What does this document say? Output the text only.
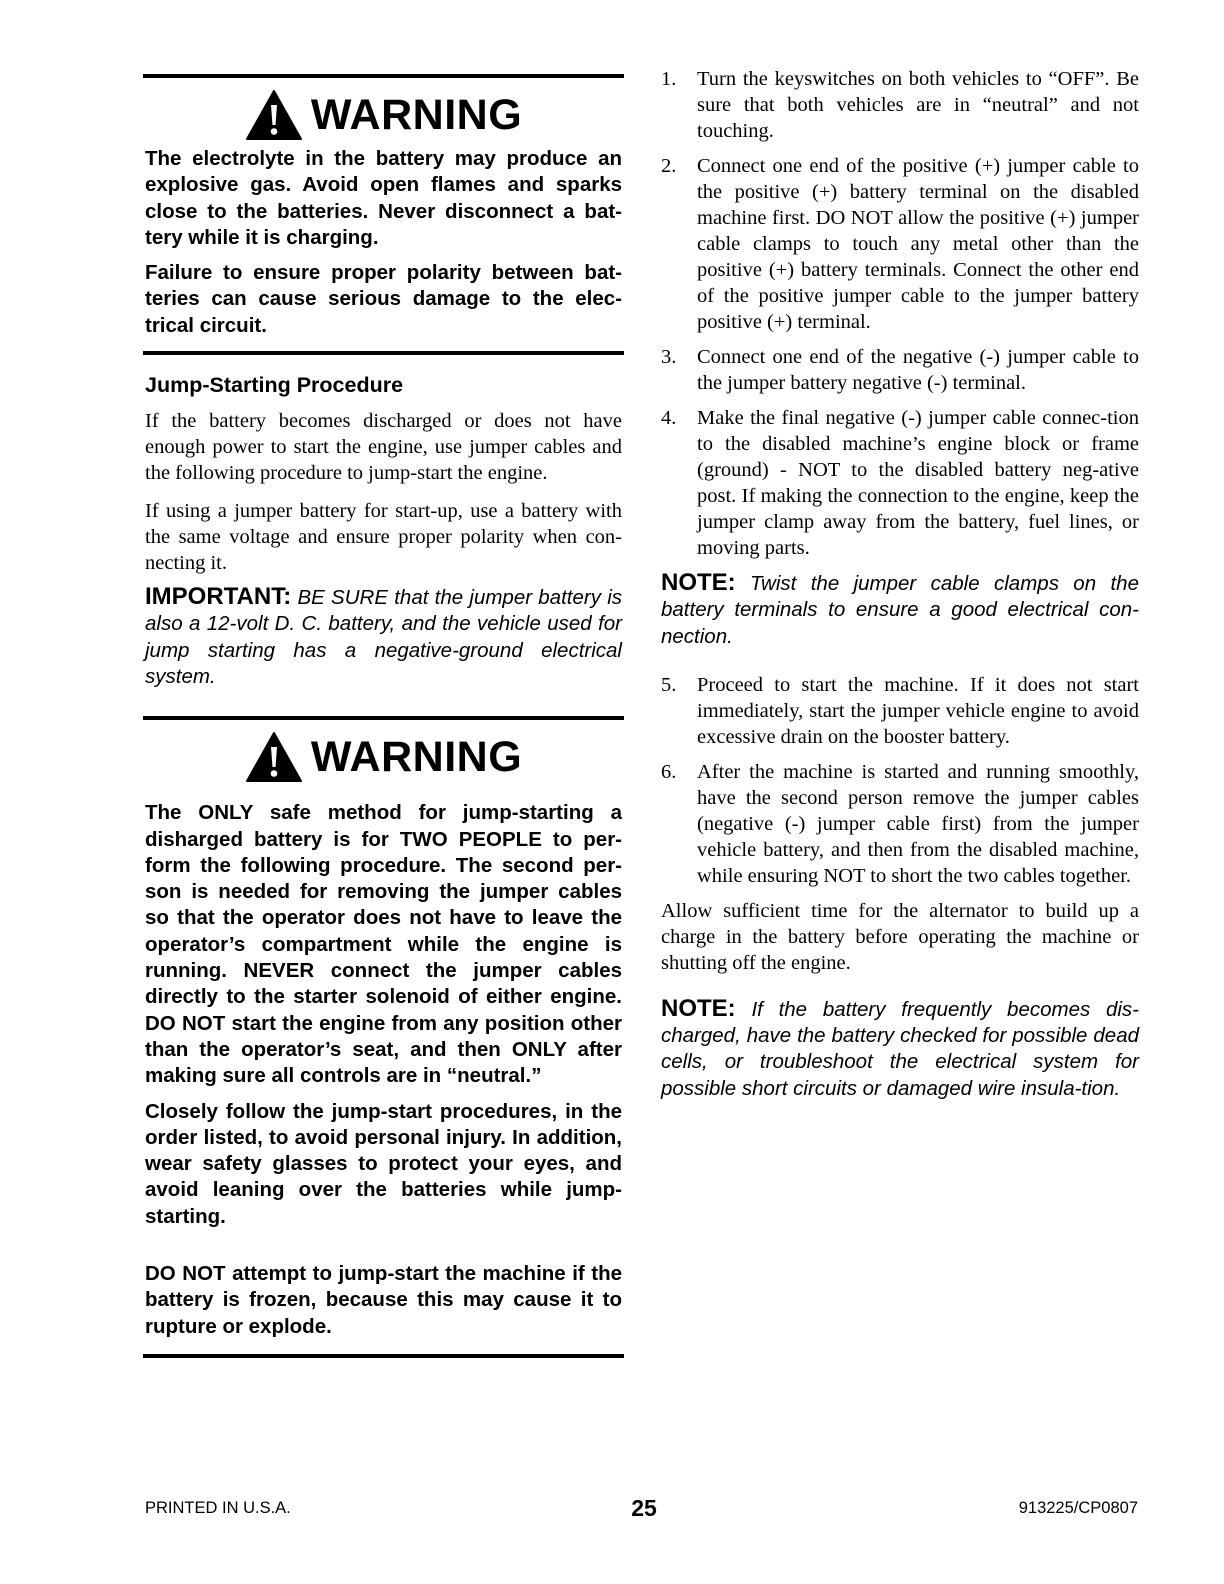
WARNING

The electrolyte in the battery may produce an explosive gas. Avoid open flames and sparks close to the batteries. Never disconnect a bat-tery while it is charging.

Failure to ensure proper polarity between bat-teries can cause serious damage to the elec-trical circuit.

Jump-Starting Procedure

If the battery becomes discharged or does not have enough power to start the engine, use jumper cables and the following procedure to jump-start the engine.

If using a jumper battery for start-up, use a battery with the same voltage and ensure proper polarity when con-necting it.

IMPORTANT: BE SURE that the jumper battery is also a 12-volt D. C. battery, and the vehicle used for jump starting has a negative-ground electrical system.

WARNING

The ONLY safe method for jump-starting a disharged battery is for TWO PEOPLE to per-form the following procedure. The second per-son is needed for removing the jumper cables so that the operator does not have to leave the operator’s compartment while the engine is running. NEVER connect the jumper cables directly to the starter solenoid of either engine. DO NOT start the engine from any position other than the operator’s seat, and then ONLY after making sure all controls are in “neutral.”

Closely follow the jump-start procedures, in the order listed, to avoid personal injury. In addition, wear safety glasses to protect your eyes, and avoid leaning over the batteries while jump-starting.

DO NOT attempt to jump-start the machine if the battery is frozen, because this may cause it to rupture or explode.

1.	Turn the keyswitches on both vehicles to “OFF”. Be sure that both vehicles are in “neutral” and not touching.
2.	Connect one end of the positive (+) jumper cable to the positive (+) battery terminal on the disabled machine first. DO NOT allow the positive (+) jumper cable clamps to touch any metal other than the positive (+) battery terminals. Connect the other end of the positive jumper cable to the jumper battery positive (+) terminal.
3.	Connect one end of the negative (-) jumper cable to the jumper battery negative (-) terminal.
4.	Make the final negative (-) jumper cable connec-tion to the disabled machine’s engine block or frame (ground) - NOT to the disabled battery neg-ative post. If making the connection to the engine, keep the jumper clamp away from the battery, fuel lines, or moving parts.

NOTE: Twist the jumper cable clamps on the battery terminals to ensure a good electrical con-nection.

5.	Proceed to start the machine. If it does not start immediately, start the jumper vehicle engine to avoid excessive drain on the booster battery.
6.	After the machine is started and running smoothly, have the second person remove the jumper cables (negative (-) jumper cable first) from the jumper vehicle battery, and then from the disabled machine, while ensuring NOT to short the two cables together.

Allow sufficient time for the alternator to build up a charge in the battery before operating the machine or shutting off the engine.

NOTE: If the battery frequently becomes dis-charged, have the battery checked for possible dead cells, or troubleshoot the electrical system for possible short circuits or damaged wire insula-tion.

PRINTED IN U.S.A.	25	913225/CP0807
